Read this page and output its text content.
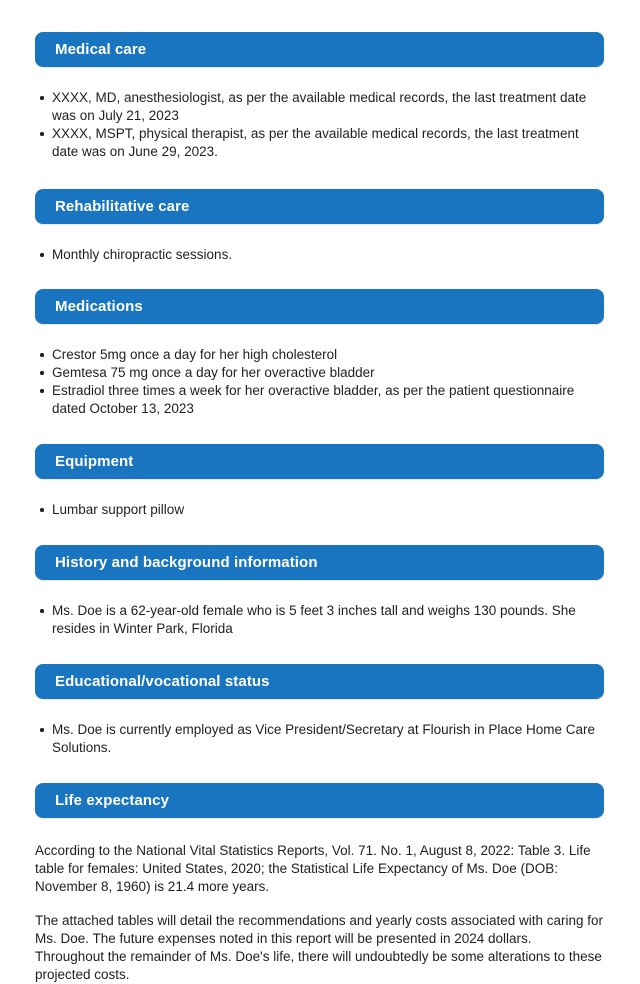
Medical care
XXXX, MD, anesthesiologist, as per the available medical records, the last treatment date was on July 21, 2023
XXXX, MSPT, physical therapist, as per the available medical records, the last treatment date was on June 29, 2023.
Rehabilitative care
Monthly chiropractic sessions.
Medications
Crestor 5mg once a day for her high cholesterol
Gemtesa 75 mg once a day for her overactive bladder
Estradiol three times a week for her overactive bladder, as per the patient questionnaire dated October 13, 2023
Equipment
Lumbar support pillow
History and background information
Ms. Doe is a 62-year-old female who is 5 feet 3 inches tall and weighs 130 pounds. She resides in Winter Park, Florida
Educational/vocational status
Ms. Doe is currently employed as Vice President/Secretary at Flourish in Place Home Care Solutions.
Life expectancy

According to the National Vital Statistics Reports, Vol. 71. No. 1, August 8, 2022: Table 3. Life table for females: United States, 2020; the Statistical Life Expectancy of Ms. Doe (DOB: November 8, 1960) is 21.4 more years.

The attached tables will detail the recommendations and yearly costs associated with caring for Ms. Doe. The future expenses noted in this report will be presented in 2024 dollars. Throughout the remainder of Ms. Doe's life, there will undoubtedly be some alterations to these projected costs.
